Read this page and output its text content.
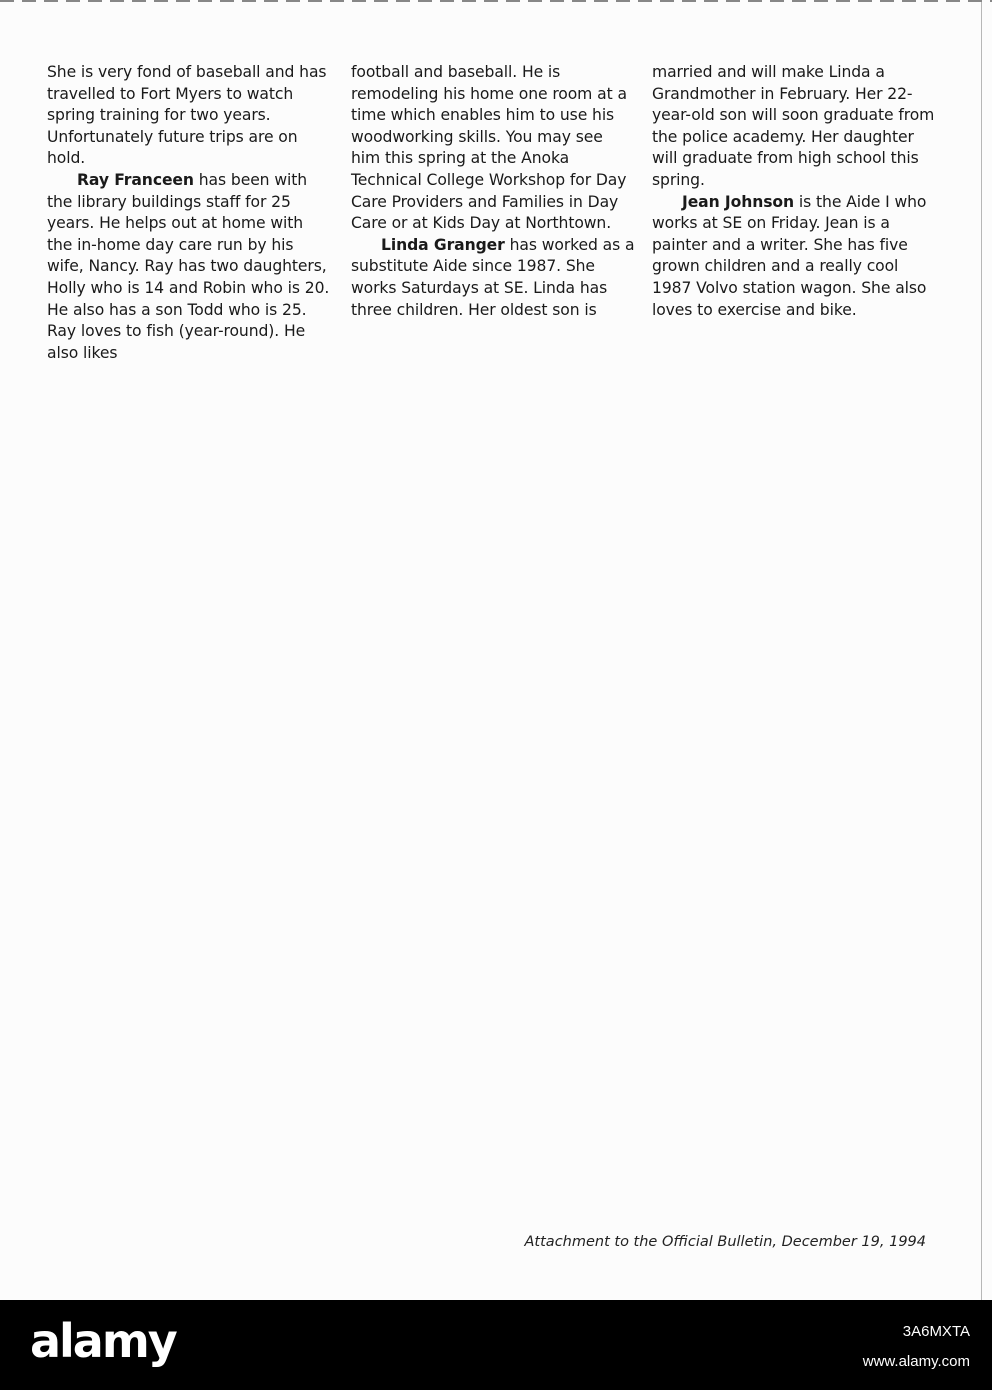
She is very fond of baseball and has travelled to Fort Myers to watch spring training for two years. Unfortunately future trips are on hold.

Ray Franceen has been with the library buildings staff for 25 years. He helps out at home with the in-home day care run by his wife, Nancy. Ray has two daughters, Holly who is 14 and Robin who is 20. He also has a son Todd who is 25. Ray loves to fish (year-round). He also likes

football and baseball. He is remodeling his home one room at a time which enables him to use his woodworking skills. You may see him this spring at the Anoka Technical College Workshop for Day Care Providers and Families in Day Care or at Kids Day at Northtown.

Linda Granger has worked as a substitute Aide since 1987. She works Saturdays at SE. Linda has three children. Her oldest son is

married and will make Linda a Grandmother in February. Her 22-year-old son will soon graduate from the police academy. Her daughter will graduate from high school this spring.

Jean Johnson is the Aide I who works at SE on Friday. Jean is a painter and a writer. She has five grown children and a really cool 1987 Volvo station wagon. She also loves to exercise and bike.

Attachment to the Official Bulletin, December 19, 1994
alamy	3A6MXTA
www.alamy.com
